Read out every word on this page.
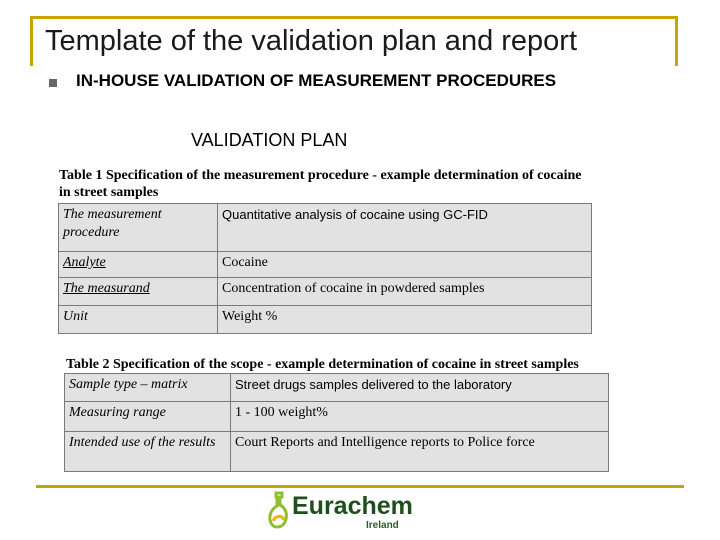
Template of the validation plan and report
IN-HOUSE VALIDATION OF MEASUREMENT PROCEDURES
VALIDATION PLAN
Table 1 Specification of the measurement procedure - example determination of cocaine in street samples
The measurement procedure	Quantitative analysis of cocaine using GC-FID
Analyte	Cocaine
The measurand	Concentration of cocaine in powdered samples
Unit	Weight %
Table 2 Specification of the scope - example determination of cocaine in street samples
Sample type – matrix	Street drugs samples delivered to the laboratory
Measuring range	1 - 100 weight%
Intended use of the results	Court Reports and Intelligence reports to Police force
Eurachem
Ireland
